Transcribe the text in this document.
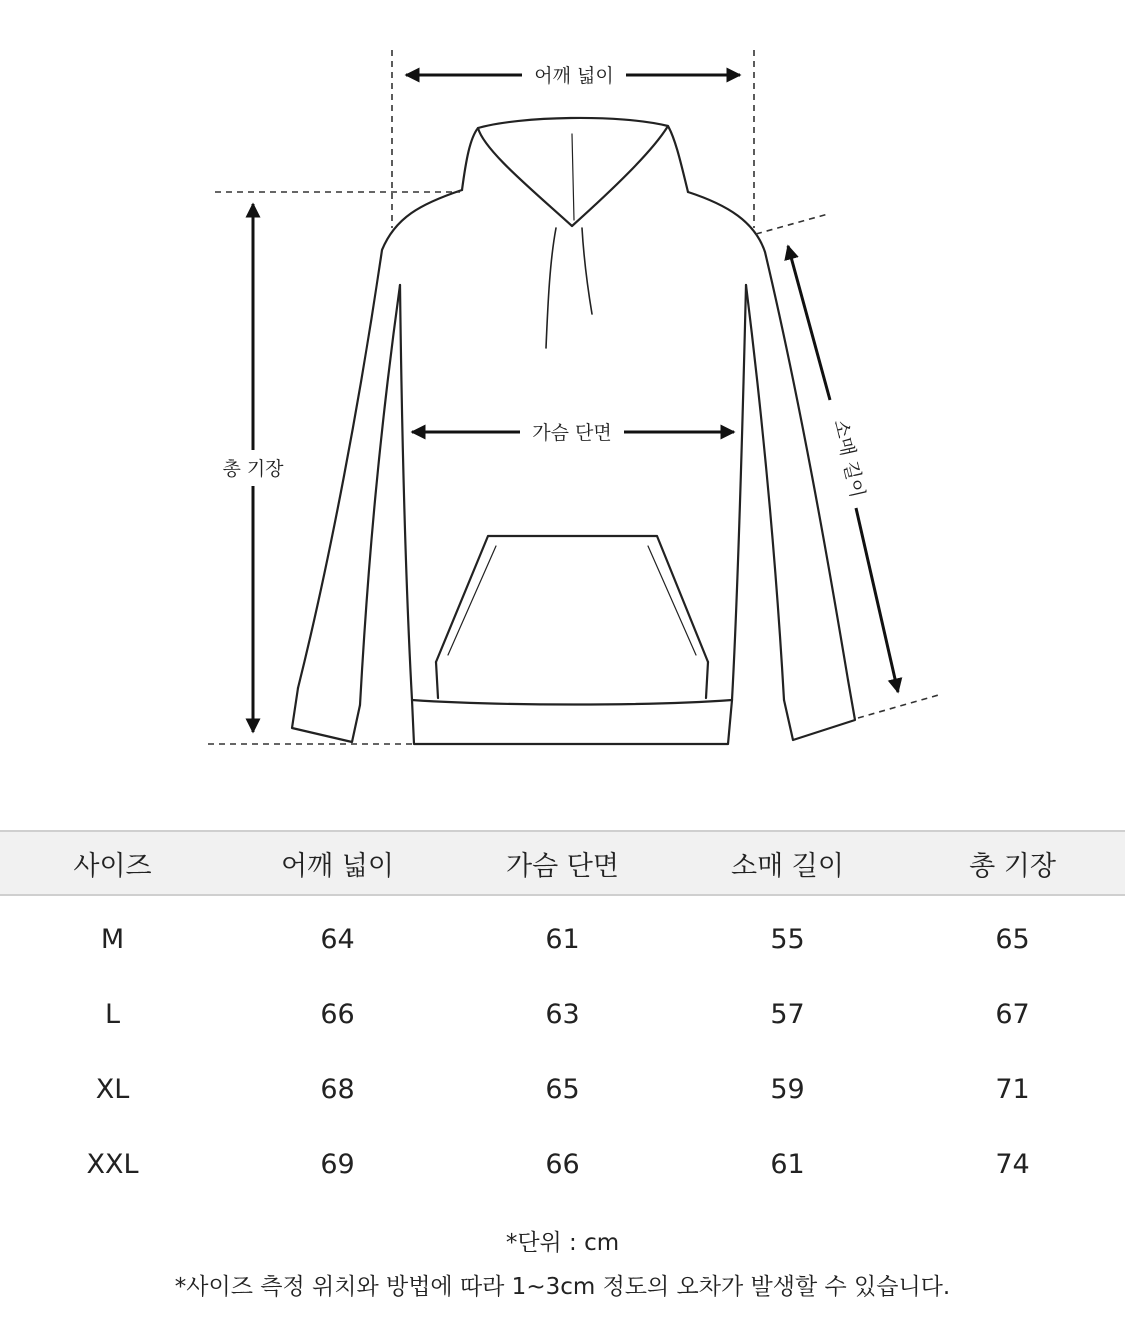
어깨 넓이
가슴 단면
총 기장	소매 길이
사이즈	어깨 넓이	가슴 단면	소매 길이	총 기장
M	64	61	55	65
L	66	63	57	67
XL	68	65	59	71
XXL	69	66	61	74
*단위 : cm
*사이즈 측정 위치와 방법에 따라 1~3cm 정도의 오차가 발생할 수 있습니다.
